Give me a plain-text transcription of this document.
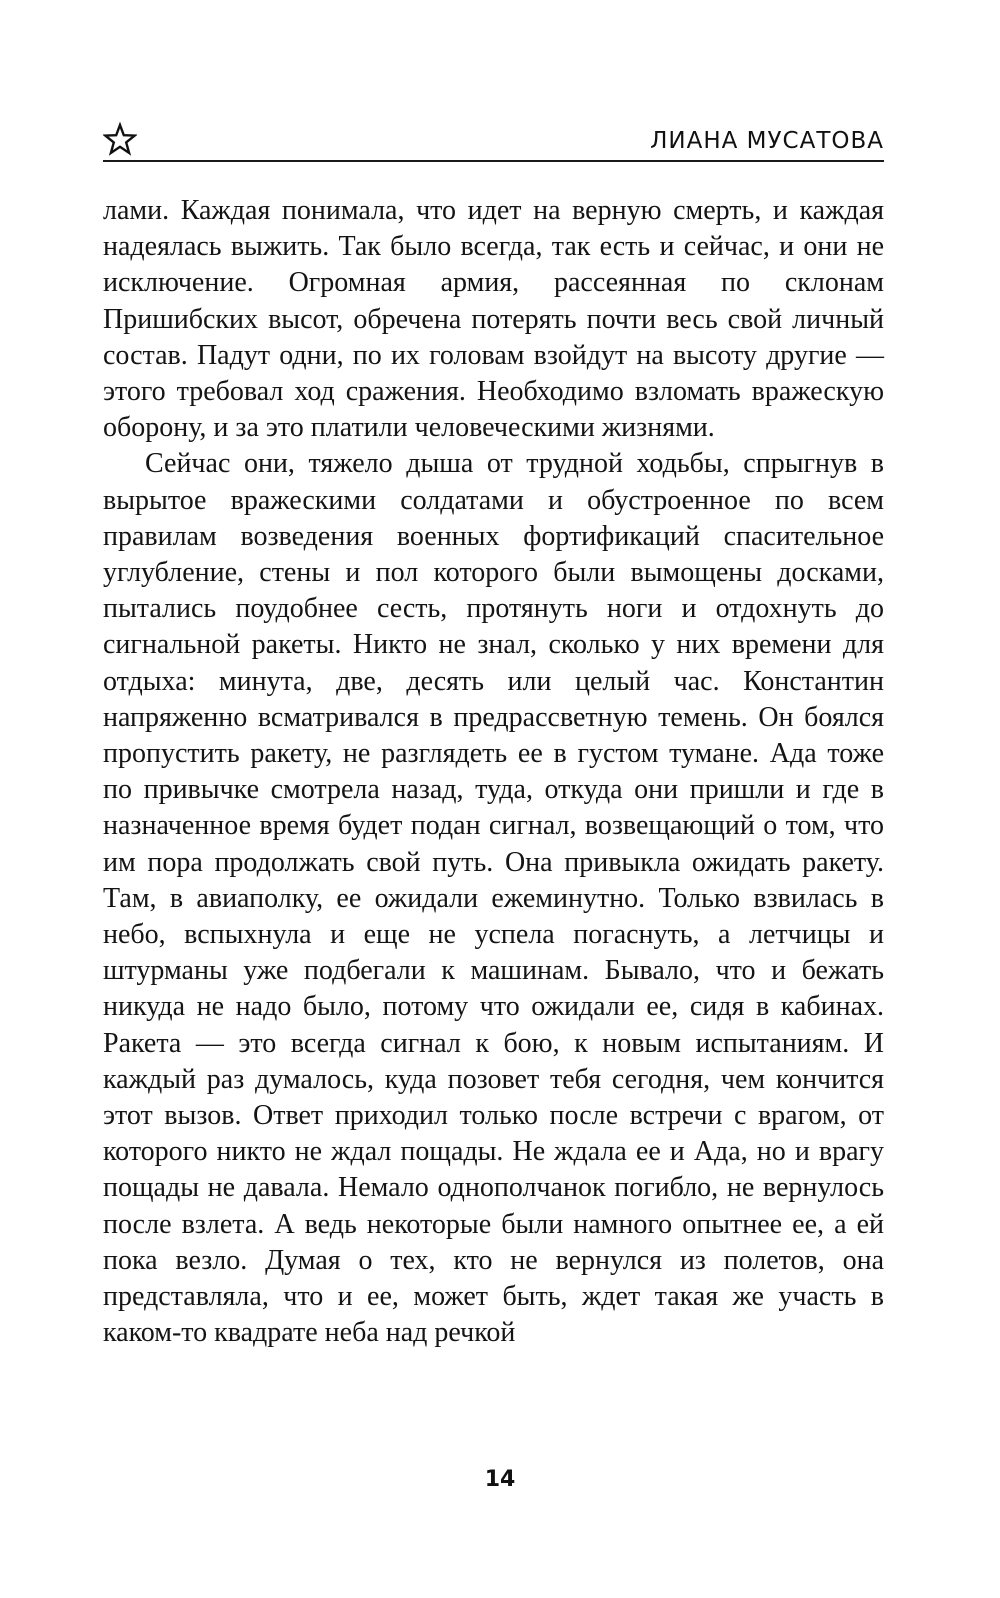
ЛИАНА МУСАТОВА

лами. Каждая понимала, что идет на верную смерть, и каждая надеялась выжить. Так было всегда, так есть и сейчас, и они не исключение. Огромная армия, рассеянная по склонам Пришибских высот, обречена потерять почти весь свой личный состав. Падут одни, по их головам взойдут на высоту другие — этого требовал ход сражения. Необходимо взломать вражескую оборону, и за это платили человеческими жизнями.

Сейчас они, тяжело дыша от трудной ходьбы, спрыгнув в вырытое вражескими солдатами и обустроенное по всем правилам возведения военных фортификаций спасительное углубление, стены и пол которого были вымощены досками, пытались поудобнее сесть, протянуть ноги и отдохнуть до сигнальной ракеты. Никто не знал, сколько у них времени для отдыха: минута, две, десять или целый час. Константин напряженно всматривался в предрассветную темень. Он боялся пропустить ракету, не разглядеть ее в густом тумане. Ада тоже по привычке смотрела назад, туда, откуда они пришли и где в назначенное время будет подан сигнал, возвещающий о том, что им пора продолжать свой путь. Она привыкла ожидать ракету. Там, в авиаполку, ее ожидали ежеминутно. Только взвилась в небо, вспыхнула и еще не успела погаснуть, а летчицы и штурманы уже подбегали к машинам. Бывало, что и бежать никуда не надо было, потому что ожидали ее, сидя в кабинах. Ракета — это всегда сигнал к бою, к новым испытаниям. И каждый раз думалось, куда позовет тебя сегодня, чем кончится этот вызов. Ответ приходил только после встречи с врагом, от которого никто не ждал пощады. Не ждала ее и Ада, но и врагу пощады не давала. Немало однополчанок погибло, не вернулось после взлета. А ведь некоторые были намного опытнее ее, а ей пока везло. Думая о тех, кто не вернулся из полетов, она представляла, что и ее, может быть, ждет такая же участь в каком-то квадрате неба над речкой

14
